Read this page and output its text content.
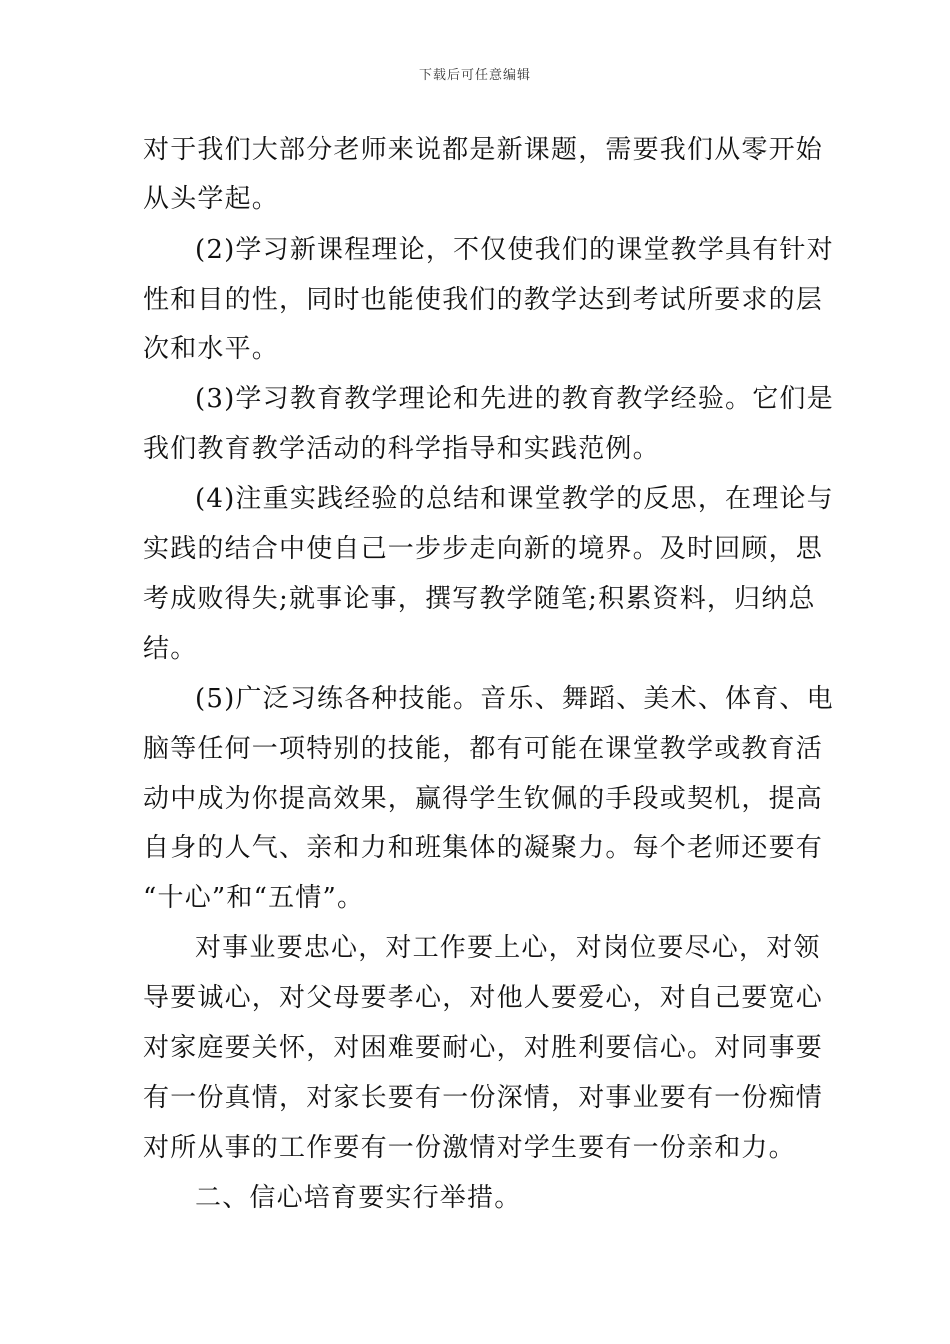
下载后可任意编辑
对于我们大部分老师来说都是新课题，需要我们从零开始
从头学起。
(2)学习新课程理论，不仅使我们的课堂教学具有针对
性和目的性，同时也能使我们的教学达到考试所要求的层
次和水平。
(3)学习教育教学理论和先进的教育教学经验。它们是
我们教育教学活动的科学指导和实践范例。
(4)注重实践经验的总结和课堂教学的反思，在理论与
实践的结合中使自己一步步走向新的境界。及时回顾，思
考成败得失;就事论事，撰写教学随笔;积累资料，归纳总
结。
(5)广泛习练各种技能。音乐、舞蹈、美术、体育、电
脑等任何一项特别的技能，都有可能在课堂教学或教育活
动中成为你提高效果，赢得学生钦佩的手段或契机，提高
自身的人气、亲和力和班集体的凝聚力。每个老师还要有
“十心”和“五情”。
对事业要忠心，对工作要上心，对岗位要尽心，对领
导要诚心，对父母要孝心，对他人要爱心，对自己要宽心
对家庭要关怀，对困难要耐心，对胜利要信心。对同事要
有一份真情，对家长要有一份深情，对事业要有一份痴情
对所从事的工作要有一份激情对学生要有一份亲和力。
二、信心培育要实行举措。
